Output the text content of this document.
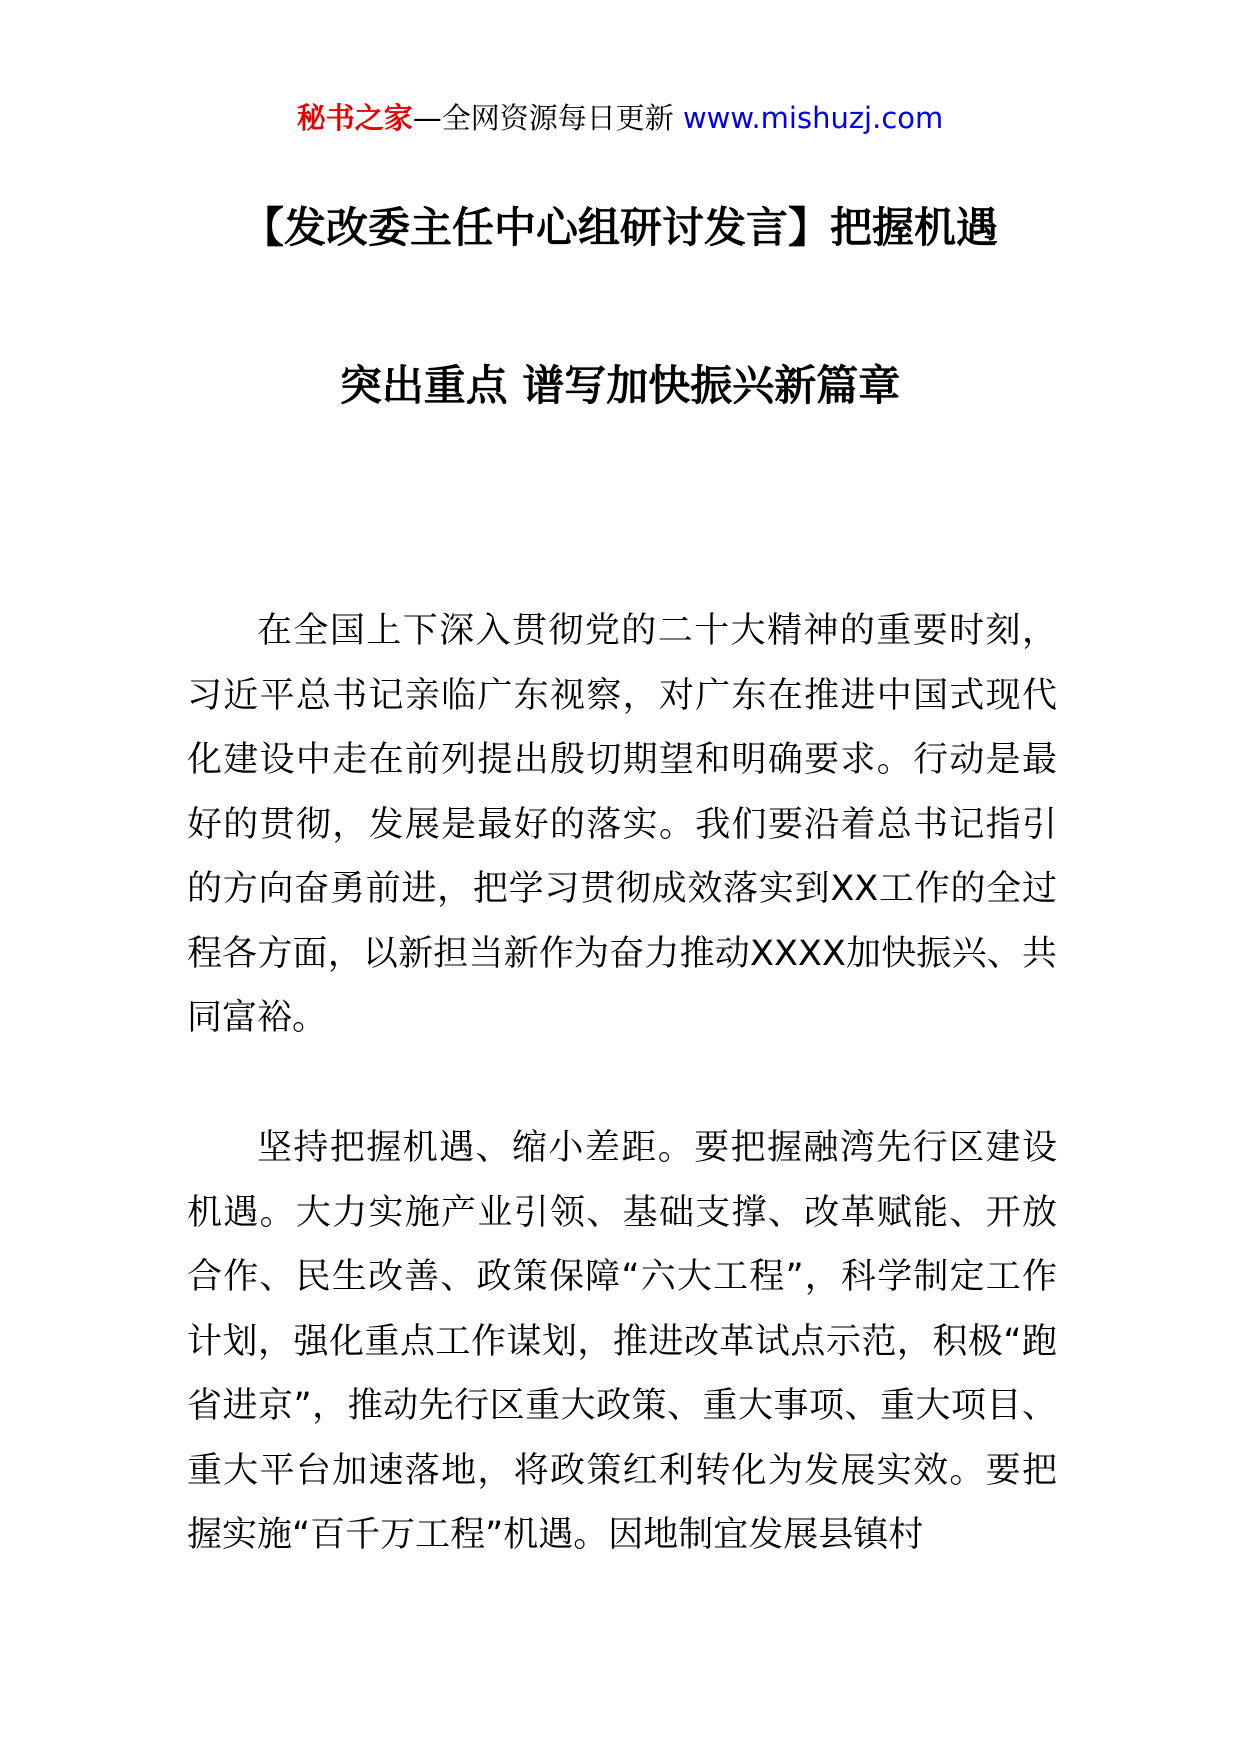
秘书之家—全网资源每日更新 www.mishuzj.com
【发改委主任中心组研讨发言】把握机遇
突出重点 谱写加快振兴新篇章

在全国上下深入贯彻党的二十大精神的重要时刻，习近平总书记亲临广东视察，对广东在推进中国式现代化建设中走在前列提出殷切期望和明确要求。行动是最好的贯彻，发展是最好的落实。我们要沿着总书记指引的方向奋勇前进，把学习贯彻成效落实到XX工作的全过程各方面，以新担当新作为奋力推动XXXX加快振兴、共同富裕。

坚持把握机遇、缩小差距。要把握融湾先行区建设机遇。大力实施产业引领、基础支撑、改革赋能、开放合作、民生改善、政策保障“六大工程”，科学制定工作计划，强化重点工作谋划，推进改革试点示范，积极“跑省进京”，推动先行区重大政策、重大事项、重大项目、重大平台加速落地，将政策红利转化为发展实效。要把握实施“百千万工程”机遇。因地制宜发展县镇村
